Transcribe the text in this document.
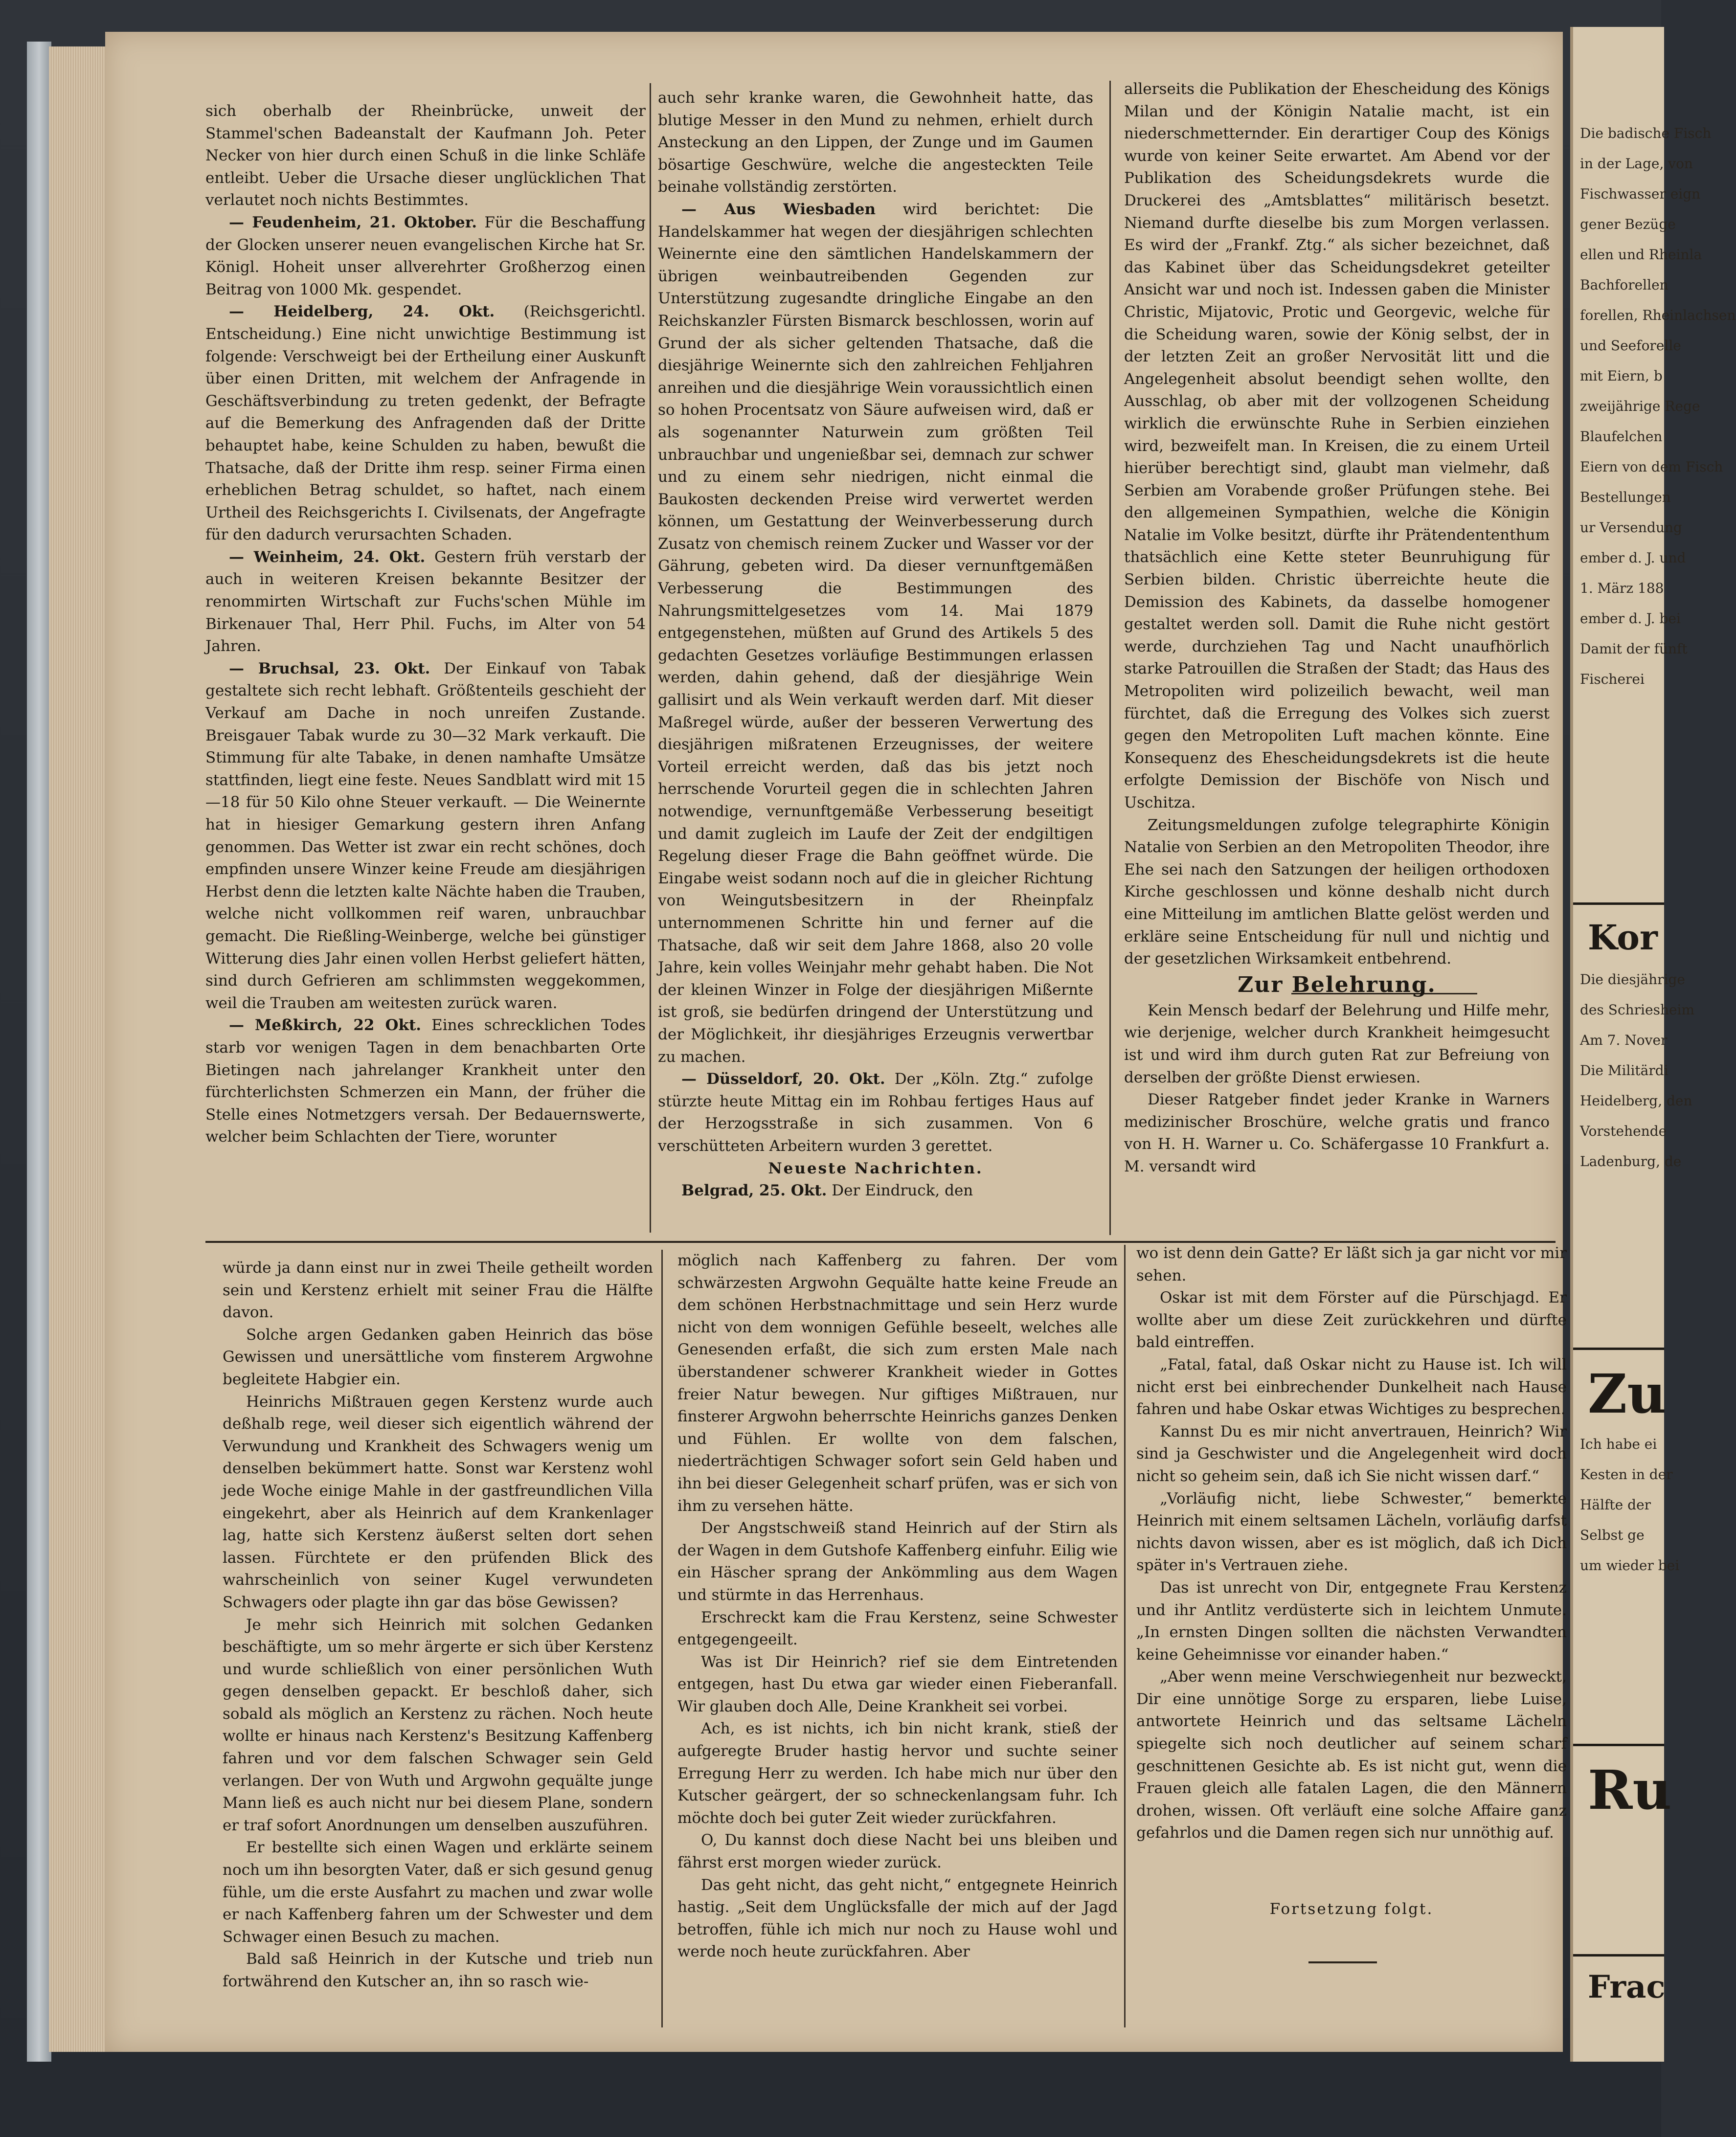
sich oberhalb der Rheinbrücke, unweit der Stammel'schen Badeanstalt der Kaufmann Joh. Peter Necker von hier durch einen Schuß in die linke Schläfe entleibt. Ueber die Ursache dieser unglücklichen That verlautet noch nichts Bestimmtes.

— Feudenheim, 21. Oktober. Für die Beschaffung der Glocken unserer neuen evangelischen Kirche hat Sr. Königl. Hoheit unser allverehrter Großherzog einen Beitrag von 1000 Mk. gespendet.

— Heidelberg, 24. Okt. (Reichsgerichtl. Entscheidung.) Eine nicht unwichtige Bestimmung ist folgende: Verschweigt bei der Ertheilung einer Auskunft über einen Dritten, mit welchem der Anfragende in Geschäftsverbindung zu treten gedenkt, der Befragte auf die Bemerkung des Anfragenden daß der Dritte behauptet habe, keine Schulden zu haben, bewußt die Thatsache, daß der Dritte ihm resp. seiner Firma einen erheblichen Betrag schuldet, so haftet, nach einem Urtheil des Reichsgerichts I. Civilsenats, der Angefragte für den dadurch verursachten Schaden.

— Weinheim, 24. Okt. Gestern früh verstarb der auch in weiteren Kreisen bekannte Besitzer der renommirten Wirtschaft zur Fuchs'schen Mühle im Birkenauer Thal, Herr Phil. Fuchs, im Alter von 54 Jahren.

— Bruchsal, 23. Okt. Der Einkauf von Tabak gestaltete sich recht lebhaft. Größtenteils geschieht der Verkauf am Dache in noch unreifen Zustande. Breisgauer Tabak wurde zu 30—32 Mark verkauft. Die Stimmung für alte Tabake, in denen namhafte Umsätze stattfinden, liegt eine feste. Neues Sandblatt wird mit 15—18 für 50 Kilo ohne Steuer verkauft. — Die Weinernte hat in hiesiger Gemarkung gestern ihren Anfang genommen. Das Wetter ist zwar ein recht schönes, doch empfinden unsere Winzer keine Freude am diesjährigen Herbst denn die letzten kalte Nächte haben die Trauben, welche nicht vollkommen reif waren, unbrauchbar gemacht. Die Rießling-Weinberge, welche bei günstiger Witterung dies Jahr einen vollen Herbst geliefert hätten, sind durch Gefrieren am schlimmsten weggekommen, weil die Trauben am weitesten zurück waren.

— Meßkirch, 22 Okt. Eines schrecklichen Todes starb vor wenigen Tagen in dem benachbarten Orte Bietingen nach jahrelanger Krankheit unter den fürchterlichsten Schmerzen ein Mann, der früher die Stelle eines Notmetzgers versah. Der Bedauernswerte, welcher beim Schlachten der Tiere, worunter

auch sehr kranke waren, die Gewohnheit hatte, das blutige Messer in den Mund zu nehmen, erhielt durch Ansteckung an den Lippen, der Zunge und im Gaumen bösartige Geschwüre, welche die angesteckten Teile beinahe vollständig zerstörten.

— Aus Wiesbaden wird berichtet: Die Handelskammer hat wegen der diesjährigen schlechten Weinernte eine den sämtlichen Handelskammern der übrigen weinbautreibenden Gegenden zur Unterstützung zugesandte dringliche Eingabe an den Reichskanzler Fürsten Bismarck beschlossen, worin auf Grund der als sicher geltenden Thatsache, daß die diesjährige Weinernte sich den zahlreichen Fehljahren anreihen und die diesjährige Wein voraussichtlich einen so hohen Procentsatz von Säure aufweisen wird, daß er als sogenannter Naturwein zum größten Teil unbrauchbar und ungenießbar sei, demnach zur schwer und zu einem sehr niedrigen, nicht einmal die Baukosten deckenden Preise wird verwertet werden können, um Gestattung der Weinverbesserung durch Zusatz von chemisch reinem Zucker und Wasser vor der Gährung, gebeten wird. Da dieser vernunftgemäßen Verbesserung die Bestimmungen des Nahrungsmittelgesetzes vom 14. Mai 1879 entgegenstehen, müßten auf Grund des Artikels 5 des gedachten Gesetzes vorläufige Bestimmungen erlassen werden, dahin gehend, daß der diesjährige Wein gallisirt und als Wein verkauft werden darf. Mit dieser Maßregel würde, außer der besseren Verwertung des diesjährigen mißratenen Erzeugnisses, der weitere Vorteil erreicht werden, daß das bis jetzt noch herrschende Vorurteil gegen die in schlechten Jahren notwendige, vernunftgemäße Verbesserung beseitigt und damit zugleich im Laufe der Zeit der endgiltigen Regelung dieser Frage die Bahn geöffnet würde. Die Eingabe weist sodann noch auf die in gleicher Richtung von Weingutsbesitzern in der Rheinpfalz unternommenen Schritte hin und ferner auf die Thatsache, daß wir seit dem Jahre 1868, also 20 volle Jahre, kein volles Weinjahr mehr gehabt haben. Die Not der kleinen Winzer in Folge der diesjährigen Mißernte ist groß, sie bedürfen dringend der Unterstützung und der Möglichkeit, ihr diesjähriges Erzeugnis verwertbar zu machen.

— Düsseldorf, 20. Okt. Der „Köln. Ztg.“ zufolge stürzte heute Mittag ein im Rohbau fertiges Haus auf der Herzogsstraße in sich zusammen. Von 6 verschütteten Arbeitern wurden 3 gerettet.

Neueste Nachrichten.

Belgrad, 25. Okt. Der Eindruck, den

allerseits die Publikation der Ehescheidung des Königs Milan und der Königin Natalie macht, ist ein niederschmetternder. Ein derartiger Coup des Königs wurde von keiner Seite erwartet. Am Abend vor der Publikation des Scheidungsdekrets wurde die Druckerei des „Amtsblattes“ militärisch besetzt. Niemand durfte dieselbe bis zum Morgen verlassen. Es wird der „Frankf. Ztg.“ als sicher bezeichnet, daß das Kabinet über das Scheidungsdekret geteilter Ansicht war und noch ist. Indessen gaben die Minister Christic, Mijatovic, Protic und Georgevic, welche für die Scheidung waren, sowie der König selbst, der in der letzten Zeit an großer Nervosität litt und die Angelegenheit absolut beendigt sehen wollte, den Ausschlag, ob aber mit der vollzogenen Scheidung wirklich die erwünschte Ruhe in Serbien einziehen wird, bezweifelt man. In Kreisen, die zu einem Urteil hierüber berechtigt sind, glaubt man vielmehr, daß Serbien am Vorabende großer Prüfungen stehe. Bei den allgemeinen Sympathien, welche die Königin Natalie im Volke besitzt, dürfte ihr Prätendententhum thatsächlich eine Kette steter Beunruhigung für Serbien bilden. Christic überreichte heute die Demission des Kabinets, da dasselbe homogener gestaltet werden soll. Damit die Ruhe nicht gestört werde, durchziehen Tag und Nacht unaufhörlich starke Patrouillen die Straßen der Stadt; das Haus des Metropoliten wird polizeilich bewacht, weil man fürchtet, daß die Erregung des Volkes sich zuerst gegen den Metropoliten Luft machen könnte. Eine Konsequenz des Ehescheidungsdekrets ist die heute erfolgte Demission der Bischöfe von Nisch und Uschitza.

Zeitungsmeldungen zufolge telegraphirte Königin Natalie von Serbien an den Metropoliten Theodor, ihre Ehe sei nach den Satzungen der heiligen orthodoxen Kirche geschlossen und könne deshalb nicht durch eine Mitteilung im amtlichen Blatte gelöst werden und erkläre seine Entscheidung für null und nichtig und der gesetzlichen Wirksamkeit entbehrend.

Zur Belehrung.

Kein Mensch bedarf der Belehrung und Hilfe mehr, wie derjenige, welcher durch Krankheit heimgesucht ist und wird ihm durch guten Rat zur Befreiung von derselben der größte Dienst erwiesen.

Dieser Ratgeber findet jeder Kranke in Warners medizinischer Broschüre, welche gratis und franco von H. H. Warner u. Co. Schäfergasse 10 Frankfurt a. M. versandt wird

würde ja dann einst nur in zwei Theile getheilt worden sein und Kerstenz erhielt mit seiner Frau die Hälfte davon.

Solche argen Gedanken gaben Heinrich das böse Gewissen und unersättliche vom finsterem Argwohne begleitete Habgier ein.

Heinrichs Mißtrauen gegen Kerstenz wurde auch deßhalb rege, weil dieser sich eigentlich während der Verwundung und Krankheit des Schwagers wenig um denselben bekümmert hatte. Sonst war Kerstenz wohl jede Woche einige Mahle in der gastfreundlichen Villa eingekehrt, aber als Heinrich auf dem Krankenlager lag, hatte sich Kerstenz äußerst selten dort sehen lassen. Fürchtete er den prüfenden Blick des wahrscheinlich von seiner Kugel verwundeten Schwagers oder plagte ihn gar das böse Gewissen?

Je mehr sich Heinrich mit solchen Gedanken beschäftigte, um so mehr ärgerte er sich über Kerstenz und wurde schließlich von einer persönlichen Wuth gegen denselben gepackt. Er beschloß daher, sich sobald als möglich an Kerstenz zu rächen. Noch heute wollte er hinaus nach Kerstenz's Besitzung Kaffenberg fahren und vor dem falschen Schwager sein Geld verlangen. Der von Wuth und Argwohn gequälte junge Mann ließ es auch nicht nur bei diesem Plane, sondern er traf sofort Anordnungen um denselben auszuführen.

Er bestellte sich einen Wagen und erklärte seinem noch um ihn besorgten Vater, daß er sich gesund genug fühle, um die erste Ausfahrt zu machen und zwar wolle er nach Kaffenberg fahren um der Schwester und dem Schwager einen Besuch zu machen.

Bald saß Heinrich in der Kutsche und trieb nun fortwährend den Kutscher an, ihn so rasch wie-

möglich nach Kaffenberg zu fahren. Der vom schwärzesten Argwohn Gequälte hatte keine Freude an dem schönen Herbstnachmittage und sein Herz wurde nicht von dem wonnigen Gefühle beseelt, welches alle Genesenden erfaßt, die sich zum ersten Male nach überstandener schwerer Krankheit wieder in Gottes freier Natur bewegen. Nur giftiges Mißtrauen, nur finsterer Argwohn beherrschte Heinrichs ganzes Denken und Fühlen. Er wollte von dem falschen, niederträchtigen Schwager sofort sein Geld haben und ihn bei dieser Gelegenheit scharf prüfen, was er sich von ihm zu versehen hätte.

Der Angstschweiß stand Heinrich auf der Stirn als der Wagen in dem Gutshofe Kaffenberg einfuhr. Eilig wie ein Häscher sprang der Ankömmling aus dem Wagen und stürmte in das Herrenhaus.

Erschreckt kam die Frau Kerstenz, seine Schwester entgegengeeilt.

Was ist Dir Heinrich? rief sie dem Eintretenden entgegen, hast Du etwa gar wieder einen Fieberanfall. Wir glauben doch Alle, Deine Krankheit sei vorbei.

Ach, es ist nichts, ich bin nicht krank, stieß der aufgeregte Bruder hastig hervor und suchte seiner Erregung Herr zu werden. Ich habe mich nur über den Kutscher geärgert, der so schneckenlangsam fuhr. Ich möchte doch bei guter Zeit wieder zurückfahren.

O, Du kannst doch diese Nacht bei uns bleiben und fährst erst morgen wieder zurück.

Das geht nicht, das geht nicht,“ entgegnete Heinrich hastig. „Seit dem Unglücksfalle der mich auf der Jagd betroffen, fühle ich mich nur noch zu Hause wohl und werde noch heute zurückfahren. Aber

wo ist denn dein Gatte? Er läßt sich ja gar nicht vor mir sehen.

Oskar ist mit dem Förster auf die Pürschjagd. Er wollte aber um diese Zeit zurückkehren und dürfte bald eintreffen.

„Fatal, fatal, daß Oskar nicht zu Hause ist. Ich will nicht erst bei einbrechender Dunkelheit nach Hause fahren und habe Oskar etwas Wichtiges zu besprechen.

Kannst Du es mir nicht anvertrauen, Heinrich? Wir sind ja Geschwister und die Angelegenheit wird doch nicht so geheim sein, daß ich Sie nicht wissen darf.“

„Vorläufig nicht, liebe Schwester,“ bemerkte Heinrich mit einem seltsamen Lächeln, vorläufig darfst nichts davon wissen, aber es ist möglich, daß ich Dich später in's Vertrauen ziehe.

Das ist unrecht von Dir, entgegnete Frau Kerstenz und ihr Antlitz verdüsterte sich in leichtem Unmute. „In ernsten Dingen sollten die nächsten Verwandten keine Geheimnisse vor einander haben.“

„Aber wenn meine Verschwiegenheit nur bezweckt, Dir eine unnötige Sorge zu ersparen, liebe Luise, antwortete Heinrich und das seltsame Lächeln spiegelte sich noch deutlicher auf seinem scharf geschnittenen Gesichte ab. Es ist nicht gut, wenn die Frauen gleich alle fatalen Lagen, die den Männern drohen, wissen. Oft verläuft eine solche Affaire ganz gefahrlos und die Damen regen sich nur unnöthig auf.

Fortsetzung folgt.

Die badische Fisch
in der Lage, von
Fischwasser eign
gener Bezüge
ellen und Rheinla
Bachforellen
forellen, Rheinlachsen
und Seeforelle
mit Eiern, b
zweijährige Rege
Blaufelchen
Eiern von dem Fisch
Bestellungen
ur Versendung
ember d. J. und
1. März 188
ember d. J. bei
Damit der fünft
Fischerei
Kor
Die diesjährige
des Schriesheim
Am 7. Nover
Die Militärdi
Heidelberg, den
Vorstehende
Ladenburg, de
Zu
Ich habe ei
Kesten in der
Hälfte der
Selbst ge
um wieder bei
Ru
Frac
